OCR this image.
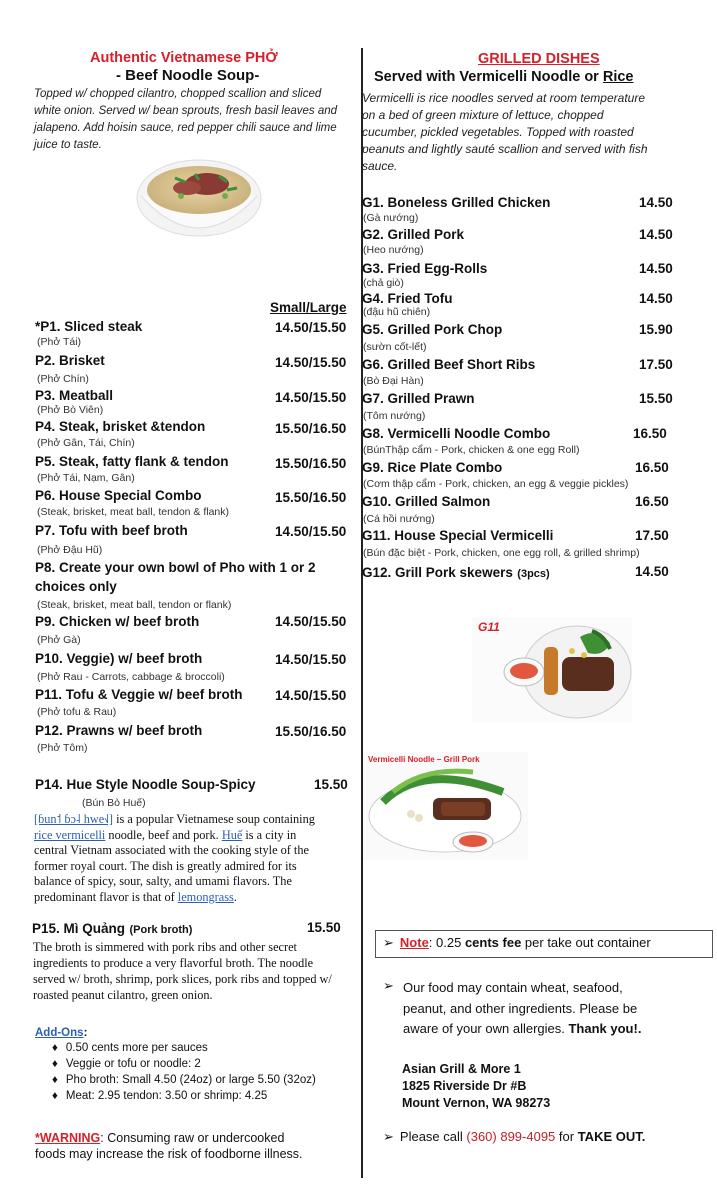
Authentic Vietnamese PHỞ
- Beef Noodle Soup-
Topped w/ chopped cilantro, chopped scallion and sliced
white onion. Served w/ bean sprouts, fresh basil leaves and
jalapeno. Add hoisin sauce, red pepper chili sauce and lime
juice to taste.
Small/Large
*P1. Sliced steak	14.50/15.50
(Phở Tái)
P2. Brisket	14.50/15.50
(Phở Chín)
P3. Meatball	14.50/15.50
(Phở Bò Viên)
P4. Steak, brisket &tendon	15.50/16.50
(Phở Gân, Tái, Chín)
P5. Steak, fatty flank & tendon	15.50/16.50
(Phở Tái, Nạm, Gân)
P6. House Special Combo	15.50/16.50
(Steak, brisket, meat ball, tendon & flank)
P7. Tofu with beef broth	14.50/15.50
(Phở Đậu Hũ)
P8. Create your own bowl of Pho with 1 or 2
choices only
(Steak, brisket, meat ball, tendon or flank)
P9. Chicken w/ beef broth	14.50/15.50
(Phở Gà)
P10. Veggie) w/ beef broth	14.50/15.50
(Phở Rau - Carrots, cabbage & broccoli)
P11. Tofu & Veggie w/ beef broth 14.50/15.50
(Phở tofu & Rau)
P12. Prawns w/ beef broth	15.50/16.50
(Phở Tôm)
P14. Hue Style Noodle Soup-Spicy	15.50
(Bún Bò Huế)
[ɓun˦ ɓɔ˨ hwe˧˩] is a popular Vietnamese soup containing
rice vermicelli noodle, beef and pork. Huế is a city in
central Vietnam associated with the cooking style of the
former royal court. The dish is greatly admired for its
balance of spicy, sour, salty, and umami flavors. The
predominant flavor is that of lemongrass.
P15. Mì Quảng (Pork broth)	15.50
The broth is simmered with pork ribs and other secret
ingredients to produce a very flavorful broth. The noodle
served w/ broth, shrimp, pork slices, pork ribs and topped w/
roasted peanut cilantro, green onion.
Add-Ons:
♦ 0.50 cents more per sauces
♦ Veggie or tofu or noodle: 2
♦ Pho broth: Small 4.50 (24oz) or large 5.50 (32oz)
♦ Meat: 2.95 tendon: 3.50 or shrimp: 4.25
*WARNING: Consuming raw or undercooked
foods may increase the risk of foodborne illness.
GRILLED DISHES
Served with Vermicelli Noodle or Rice
Vermicelli is rice noodles served at room temperature
on a bed of green mixture of lettuce, chopped
cucumber, pickled vegetables. Topped with roasted
peanuts and lightly sauté scallion and served with fish
sauce.
G1. Boneless Grilled Chicken	14.50
(Gà nướng)
G2. Grilled Pork	14.50
(Heo nướng)
G3. Fried Egg-Rolls	14.50
(chả giò)
G4. Fried Tofu	14.50
(đậu hũ chiên)
G5. Grilled Pork Chop	15.90
(sườn cốt-lết)
G6. Grilled Beef Short Ribs	17.50
(Bò Đại Hàn)
G7. Grilled Prawn	15.50
(Tôm nướng)
G8. Vermicelli Noodle Combo	16.50
(BúnThập cẩm - Pork, chicken & one egg Roll)
G9. Rice Plate Combo	16.50
(Cơm thập cẩm - Pork, chicken, an egg & veggie pickles)
G10. Grilled Salmon	16.50
(Cá hồi nướng)
G11. House Special Vermicelli	17.50
(Bún đặc biệt - Pork, chicken, one egg roll, & grilled shrimp)
G12. Grill Pork skewers (3pcs)	14.50
G11
Vermicelli Noodle – Grill Pork
➢ Note: 0.25 cents fee per take out container
➢ Our food may contain wheat, seafood,
peanut, and other ingredients. Please be
aware of your own allergies. Thank you!.
Asian Grill & More 1
1825 Riverside Dr #B
Mount Vernon, WA 98273
➢ Please call (360) 899-4095 for TAKE OUT.
